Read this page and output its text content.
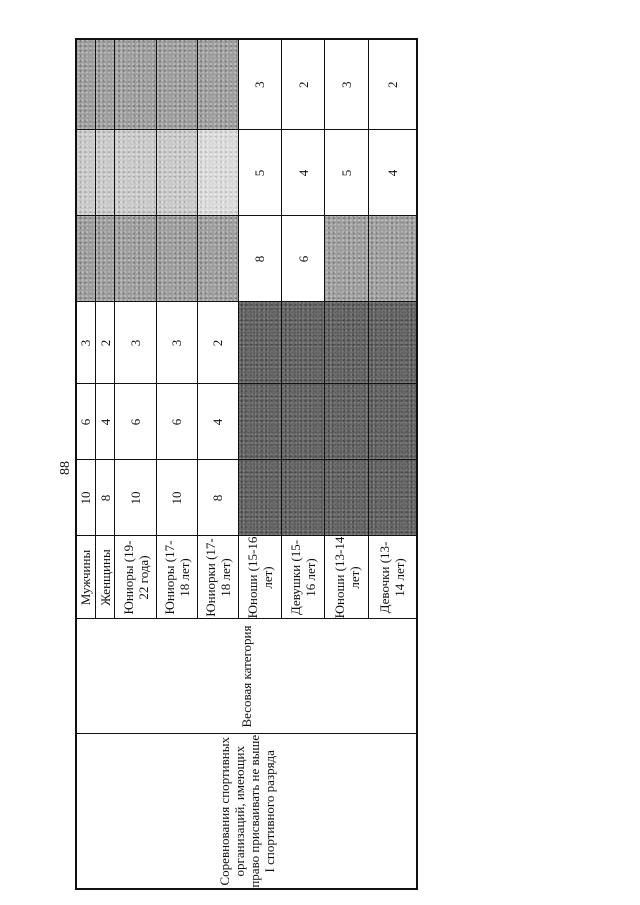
88
Соревнования спортивных организаций, имеющих право присваивать не выше I спортивного разряда	Весовая категория	Мужчины	10	6	3			
		Женщины	8	4	2			
		Юниоры (19-22 года)	10	6	3			
		Юниоры (17-18 лет)	10	6	3			
		Юниорки (17-18 лет)	8	4	2			
		Юноши (15-16 лет)				8	5	3
		Девушки (15-16 лет)				6	4	2
		Юноши (13-14 лет)					5	3
		Девочки (13-14 лет)					4	2
